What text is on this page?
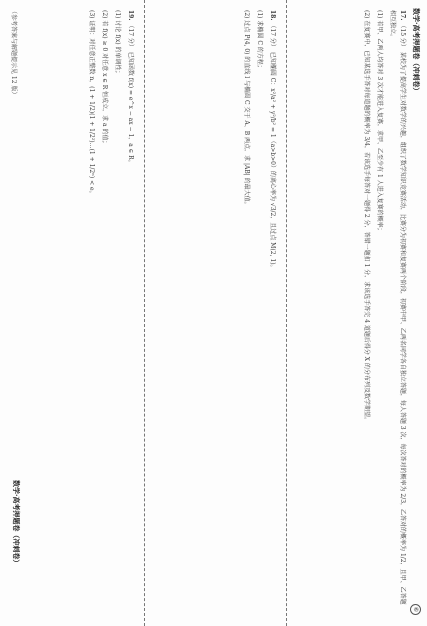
数学·高考押题卷（冲刺卷）
⑥

17. （15 分） 某校为了提高学生对数学的兴趣，组织了数学知识竞赛活动，比赛分为初赛和复赛两个阶段，初赛中甲、乙两名同学各自独立答题，每人答题 3 次，每次答对的概率为 2/3，乙答对的概率为 1/2，且甲、乙答题相互独立。

(1) 若甲、乙两人均答对 3 次才能进入复赛，求甲、乙至少有 1 人进入复赛的概率；

(2) 在复赛中，已知某选手答对每道题的概率为 3/4，若该选手每答对一题得 2 分，答错一题扣 1 分，求该选手答完 4 道题后得分 X 的分布列及数学期望。

18. （17 分） 已知椭圆 C：x²/a² + y²/b² = 1（a>b>0）的离心率为 √3/2，且过点 M(2, 1)。

(1) 求椭圆 C 的方程；

(2) 过点 P(4, 0) 的直线 l 与椭圆 C 交于 A、B 两点，求 |AB| 的最大值。

19. （17 分） 已知函数 f(x) = e^x − ax − 1，a ∈ R。

(1) 讨论 f(x) 的单调性；

(2) 若 f(x) ≥ 0 对任意 x ∈ R 恒成立，求 a 的值；

(3) 证明：对任意正整数 n，(1 + 1/2)(1 + 1/2²)…(1 + 1/2ⁿ) < e。

（参考答案与解题提示见 12 版）
数学·高考押题卷（冲刺卷）
